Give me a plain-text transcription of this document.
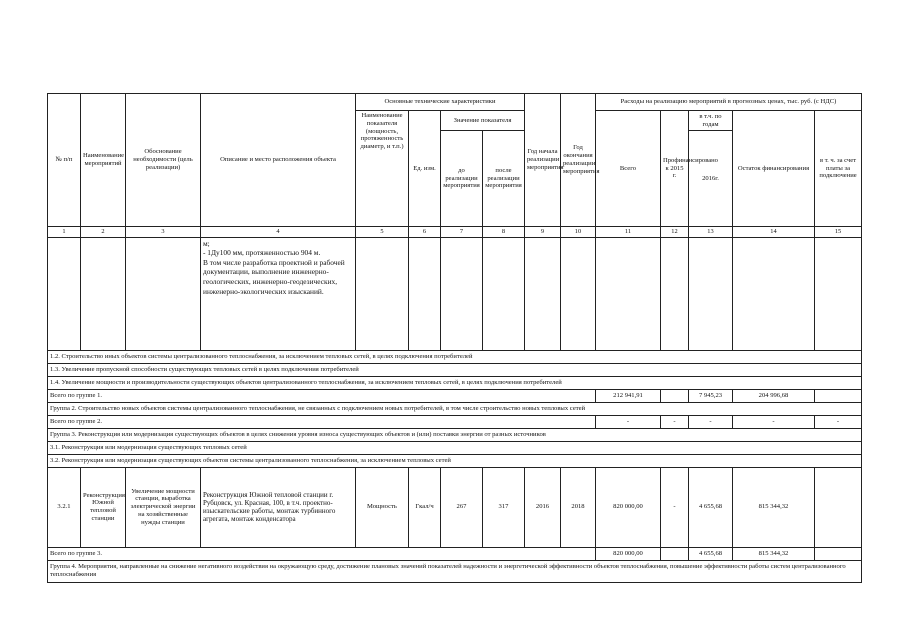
№ п/п	Наименование мероприятий	Обоснование необходимости (цель реализации)	Описание и место расположения объекта	Основные технические характеристики				Год начала реализации мероприятия	Год окончания реализации мероприятия	Расходы на реализацию мероприятий в прогнозных ценах, тыс. руб. (с НДС)				
				Наименование показателя (мощность, протяженность диаметр, и т.п.)	Ед. изм.	Значение показателя				Всего	Профинансировано к 2015 г.	в т.ч. по годам	Остаток финансирования	в т. ч. за счет платы за подключение

						до реализации мероприятия	после реализации мероприятия					2016г.		
1	2	3	4	5	6	7	8	9	10	11	12	13	14	15
			м;
- 1Ду100 мм, протяженностью 904 м.
В том числе разработка проектной и рабочей документации, выполнение инженерно-геологических, инженерно-геодезических, инженерно-экологических изысканий.											
1.2. Строительство иных объектов системы централизованного теплоснабжения, за исключением тепловых сетей, в целях подключения потребителей														
1.3. Увеличение пропускной способности существующих тепловых сетей в целях подключения потребителей														
1.4. Увеличение мощности и производительности существующих объектов централизованного теплоснабжения, за исключением тепловых сетей, в целях подключения потребителей														
Всего по группе 1.										212 941,91		7 945,23	204 996,68	
Группа 2. Строительство новых объектов системы централизованного теплоснабжения, не связанных с подключением новых потребителей, в том числе строительство новых тепловых сетей														
Всего по группе 2.										-	-	-	-	-
Группа 3. Реконструкция или модернизация существующих объектов в целях снижения уровня износа существующих объектов и (или) поставки энергии от разных источников														
3.1. Реконструкция или модернизация существующих тепловых сетей														
3.2. Реконструкция или модернизация существующих объектов системы централизованного теплоснабжения, за исключением тепловых сетей														
3.2.1	Реконструкция Южной тепловой станции	Увеличение мощности станции, выработка электрической энергии на хозяйственные нужды станции	Реконструкция Южной тепловой станции г. Рубцовск, ул. Красная, 100, в т.ч. проектно-изыскательские работы, монтаж турбинного агрегата, монтаж конденсатора	Мощность	Гкал/ч	267	317	2016	2018	820 000,00	-	4 655,68	815 344,32	
Всего по группе 3.										820 000,00		4 655,68	815 344,32	
Группа 4. Мероприятия, направленные на снижение негативного воздействия на окружающую среду, достижение плановых значений показателей надежности и энергетической эффективности объектов теплоснабжения, повышение эффективности работы систем централизованного теплоснабжения														
